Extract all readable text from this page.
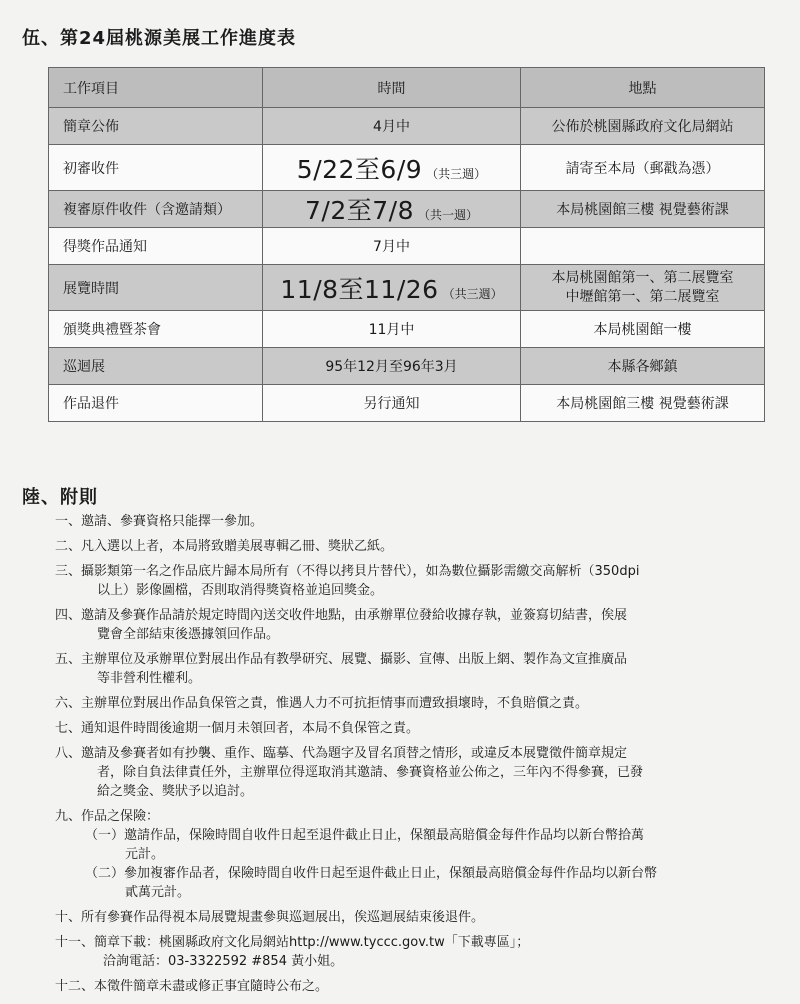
伍、第24屆桃源美展工作進度表
工作項目	時間	地點
簡章公佈	4月中	公佈於桃園縣政府文化局網站
初審收件	5/22至6/9 （共三週）	請寄至本局（郵戳為憑）
複審原件收件（含邀請類）	7/2至7/8 （共一週）	本局桃園館三樓 視覺藝術課
得獎作品通知	7月中	
展覽時間	11/8至11/26 （共三週）	本局桃園館第一、第二展覽室
中壢館第一、第二展覽室

頒獎典禮暨茶會	11月中	本局桃園館一樓
巡迴展	95年12月至96年3月	本縣各鄉鎮
作品退件	另行通知	本局桃園館三樓 視覺藝術課
陸、附則
一、邀請、參賽資格只能擇一參加。
二、凡入選以上者，本局將致贈美展專輯乙冊、獎狀乙紙。
三、攝影類第一名之作品底片歸本局所有（不得以拷貝片替代），如為數位攝影需繳交高解析（350dpi
以上）影像圖檔，否則取消得獎資格並追回獎金。
四、邀請及參賽作品請於規定時間內送交收件地點，由承辦單位發給收據存執，並簽寫切結書，俟展
覽會全部結束後憑據領回作品。
五、主辦單位及承辦單位對展出作品有教學研究、展覽、攝影、宣傳、出版上網、製作為文宣推廣品
等非營利性權利。
六、主辦單位對展出作品負保管之責，惟遇人力不可抗拒情事而遭致損壞時，不負賠償之責。
七、通知退件時間後逾期一個月未領回者，本局不負保管之責。
八、邀請及參賽者如有抄襲、重作、臨摹、代為題字及冒名頂替之情形，或違反本展覽徵件簡章規定
者，除自負法律責任外，主辦單位得逕取消其邀請、參賽資格並公佈之，三年內不得參賽，已發
給之獎金、獎狀予以追討。
九、作品之保險：
（一）邀請作品，保險時間自收件日起至退件截止日止，保額最高賠償金每件作品均以新台幣拾萬
元計。
（二）參加複審作品者，保險時間自收件日起至退件截止日止，保額最高賠償金每件作品均以新台幣
貳萬元計。
十、所有參賽作品得視本局展覽規畫參與巡迴展出，俟巡迴展結束後退件。
十一、簡章下載：桃園縣政府文化局網站http://www.tyccc.gov.tw「下載專區」；
洽詢電話：03-3322592 #854 黃小姐。
十二、本徵件簡章未盡或修正事宜隨時公布之。
